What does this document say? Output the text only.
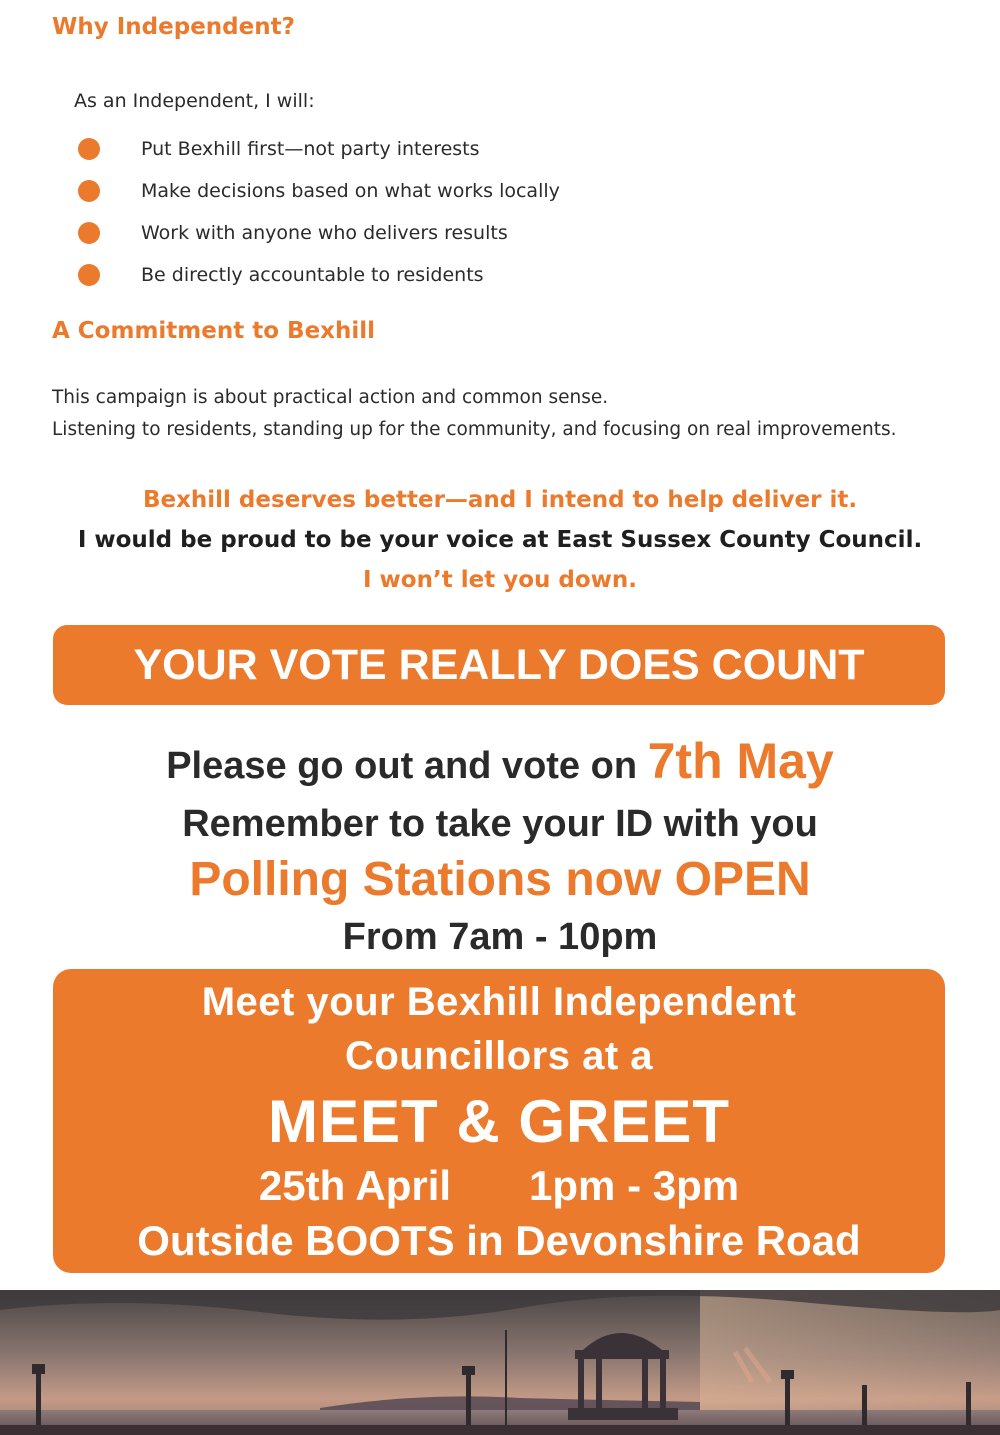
Why Independent?
As an Independent, I will:
Put Bexhill first—not party interests
Make decisions based on what works locally
Work with anyone who delivers results
Be directly accountable to residents
A Commitment to Bexhill
This campaign is about practical action and common sense.
Listening to residents, standing up for the community, and focusing on real improvements.
Bexhill deserves better—and I intend to help deliver it.
I would be proud to be your voice at East Sussex County Council.
I won’t let you down.
YOUR VOTE REALLY DOES COUNT
Please go out and vote on 7th May
Remember to take your ID with you
Polling Stations now OPEN
From 7am - 10pm
Meet your Bexhill Independent
Councillors at a
MEET & GREET
25th April 1pm - 3pm
Outside BOOTS in Devonshire Road
